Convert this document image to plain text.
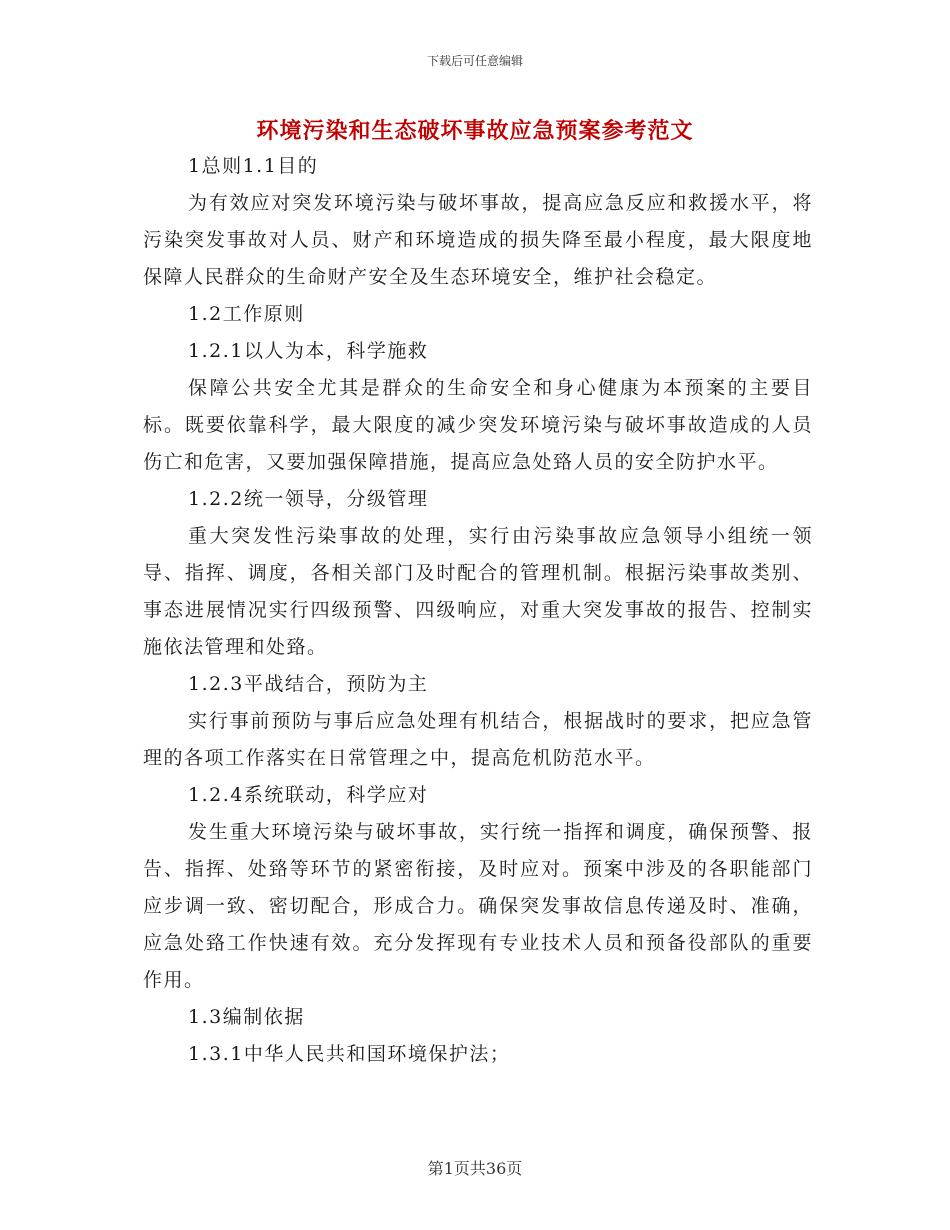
下载后可任意编辑
环境污染和生态破坏事故应急预案参考范文

1总则1.1目的

为有效应对突发环境污染与破坏事故，提高应急反应和救援水平，将污染突发事故对人员、财产和环境造成的损失降至最小程度，最大限度地保障人民群众的生命财产安全及生态环境安全，维护社会稳定。

1.2工作原则

1.2.1以人为本，科学施救

保障公共安全尤其是群众的生命安全和身心健康为本预案的主要目标。既要依靠科学，最大限度的减少突发环境污染与破坏事故造成的人员伤亡和危害，又要加强保障措施，提高应急处臵人员的安全防护水平。

1.2.2统一领导，分级管理

重大突发性污染事故的处理，实行由污染事故应急领导小组统一领导、指挥、调度，各相关部门及时配合的管理机制。根据污染事故类别、事态进展情况实行四级预警、四级响应，对重大突发事故的报告、控制实施依法管理和处臵。

1.2.3平战结合，预防为主

实行事前预防与事后应急处理有机结合，根据战时的要求，把应急管理的各项工作落实在日常管理之中，提高危机防范水平。

1.2.4系统联动，科学应对

发生重大环境污染与破坏事故，实行统一指挥和调度，确保预警、报告、指挥、处臵等环节的紧密衔接，及时应对。预案中涉及的各职能部门应步调一致、密切配合，形成合力。确保突发事故信息传递及时、准确，应急处臵工作快速有效。充分发挥现有专业技术人员和预备役部队的重要作用。

1.3编制依据

1.3.1中华人民共和国环境保护法；

第1页共36页
